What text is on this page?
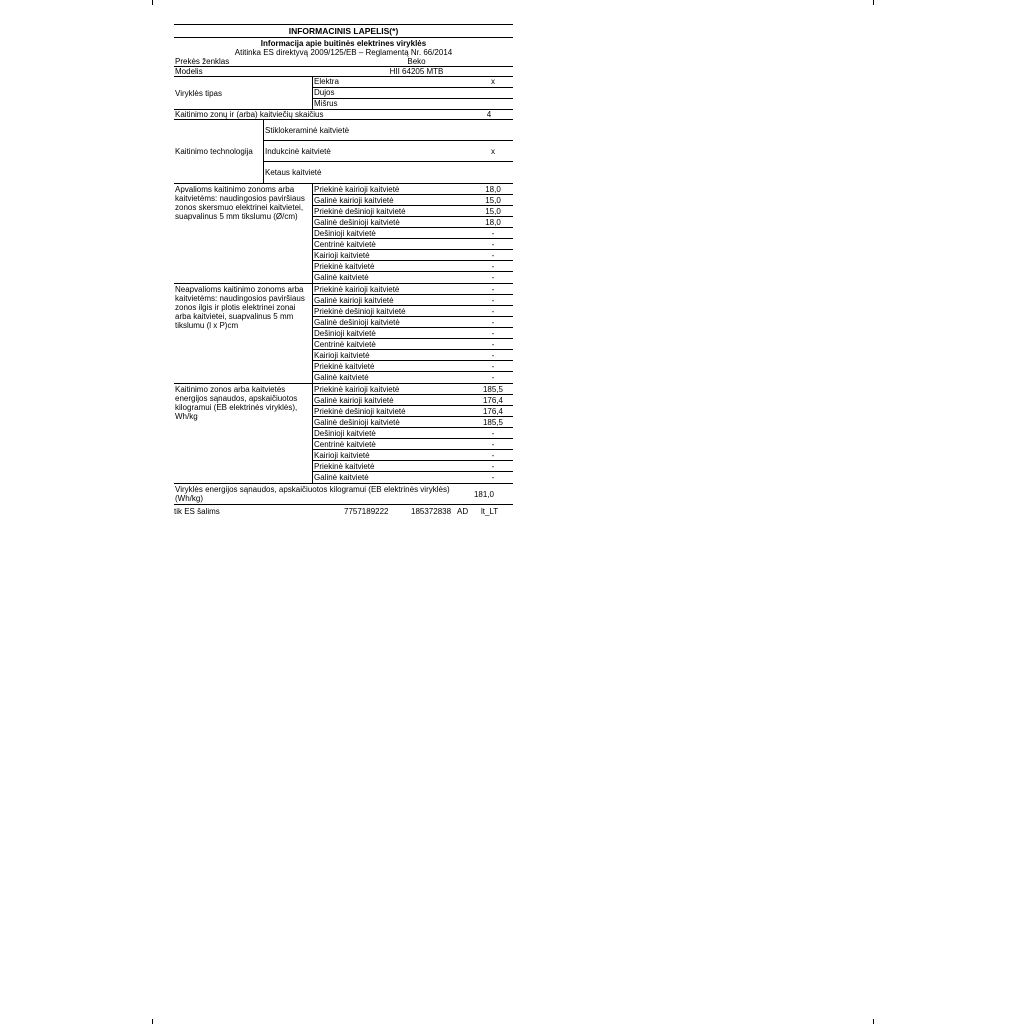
INFORMACINIS LAPELIS(*)
Informacija apie buitinės elektrines viryklės
Atitinka ES direktyvą 2009/125/EB – Reglamentą Nr. 66/2014
Prekės ženklas	Beko
Modelis	HII 64205 MTB
Viryklės tipas
Elektra	x
Dujos
Mišrus
Kaitinimo zonų ir (arba) kaitviečių skaičius	4
Kaitinimo technologija
Stiklokeraminė kaitvietė
Indukcinė kaitvietė	x
Ketaus kaitvietė
Apvalioms kaitinimo zonoms arba kaitvietėms: naudingosios paviršiaus zonos skersmuo elektrinei kaitvietei, suapvalinus 5 mm tikslumu (Ø/cm)
Priekinė kairioji kaitvietė	18,0
Galinė kairioji kaitvietė	15,0
Priekinė dešinioji kaitvietė	15,0
Galinė dešinioji kaitvietė	18,0
Dešinioji kaitvietė	-
Centrinė kaitvietė	-
Kairioji kaitvietė	-
Priekinė kaitvietė	-
Galinė kaitvietė	-
Neapvalioms kaitinimo zonoms arba kaitvietėms: naudingosios paviršiaus zonos ilgis ir plotis elektrinei zonai arba kaitvietei, suapvalinus 5 mm tikslumu (l x P)cm
Priekinė kairioji kaitvietė	-
Galinė kairioji kaitvietė	-
Priekinė dešinioji kaitvietė	-
Galinė dešinioji kaitvietė	-
Dešinioji kaitvietė	-
Centrinė kaitvietė	-
Kairioji kaitvietė	-
Priekinė kaitvietė	-
Galinė kaitvietė	-
Kaitinimo zonos arba kaitvietės energijos sąnaudos, apskaičiuotos kilogramui (EB elektrinės viryklės), Wh/kg
Priekinė kairioji kaitvietė	185,5
Galinė kairioji kaitvietė	176,4
Priekinė dešinioji kaitvietė	176,4
Galinė dešinioji kaitvietė	185,5
Dešinioji kaitvietė	-
Centrinė kaitvietė	-
Kairioji kaitvietė	-
Priekinė kaitvietė	-
Galinė kaitvietė	-
Viryklės energijos sąnaudos, apskaičiuotos kilogramui (EB elektrinės viryklės) (Wh/kg)	181,0
tik ES šalims	7757189222	185372838 AD	lt_LT
